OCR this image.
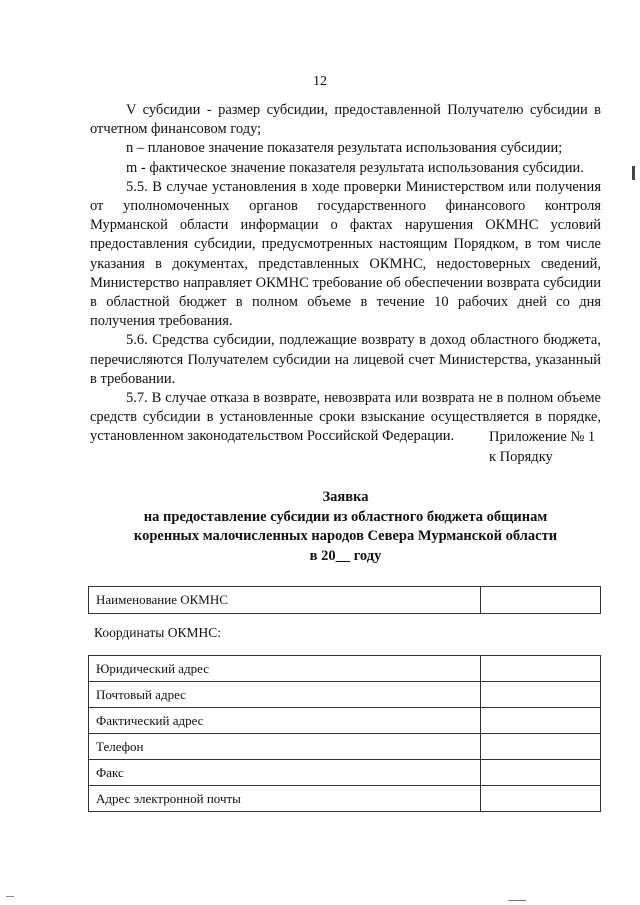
12

V субсидии - размер субсидии, предоставленной Получателю субсидии в отчетном финансовом году;

n – плановое значение показателя результата использования субсидии;

m - фактическое значение показателя результата использования субсидии.

5.5. В случае установления в ходе проверки Министерством или получения от уполномоченных органов государственного финансового контроля Мурманской области информации о фактах нарушения ОКМНС условий предоставления субсидии, предусмотренных настоящим Порядком, в том числе указания в документах, представленных ОКМНС, недостоверных сведений, Министерство направляет ОКМНС требование об обеспечении возврата субсидии в областной бюджет в полном объеме в течение 10 рабочих дней со дня получения требования.

5.6. Средства субсидии, подлежащие возврату в доход областного бюджета, перечисляются Получателем субсидии на лицевой счет Министерства, указанный в требовании.

5.7. В случае отказа в возврате, невозврата или возврата не в полном объеме средств субсидии в установленные сроки взыскание осуществляется в порядке, установленном законодательством Российской Федерации.	Приложение № 1
к Порядку
Заявка
на предоставление субсидии из областного бюджета общинам
коренных малочисленных народов Севера Мурманской области
в 20__ году
Наименование ОКМНС	
Координаты ОКМНС:
Юридический адрес	
Почтовый адрес	
Фактический адрес	
Телефон	
Факс	
Адрес электронной почты	
